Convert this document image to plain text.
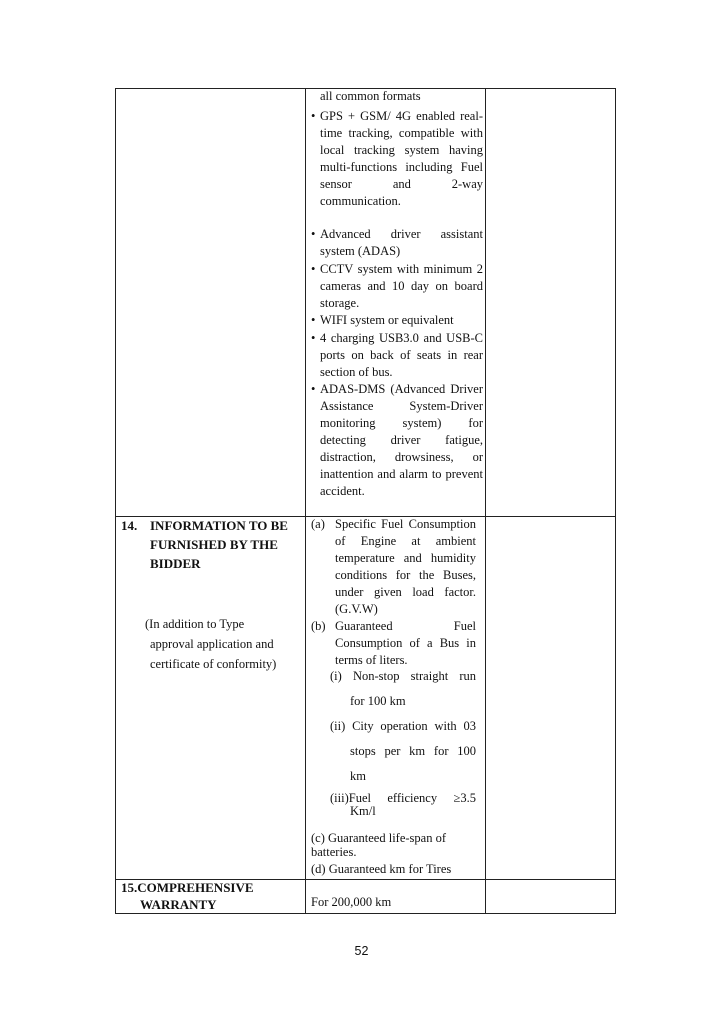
all common formats
• GPS + GSM/ 4G enabled real- time tracking, compatible with local tracking system having multi-functions including Fuel sensor and 2-way communication.
• Advanced driver assistant system (ADAS)
• CCTV system with minimum 2 cameras and 10 day on board storage.
• WIFI system or equivalent
• 4 charging USB3.0 and USB-C ports on back of seats in rear section of bus.
• ADAS-DMS (Advanced Driver Assistance System-Driver monitoring system) for detecting driver fatigue, distraction, drowsiness, or inattention and alarm to prevent accident.
14. INFORMATION TO BE
FURNISHED BY THE
BIDDER
(In addition to Type
approval application and
certificate of conformity)
(a) Specific Fuel Consumption of Engine at ambient temperature and humidity conditions for the Buses, under given load factor. (G.V.W)
(b) Guaranteed Fuel Consumption of a Bus in terms of liters.
(i) Non-stop straight run
for 100 km
(ii) City operation with 03
stops per km for 100
km
(iii)Fuel efficiency ≥3.5
Km/l
(c) Guaranteed life-span of
batteries.
(d) Guaranteed km for Tires
15.COMPREHENSIVE
WARRANTY	For 200,000 km
52
